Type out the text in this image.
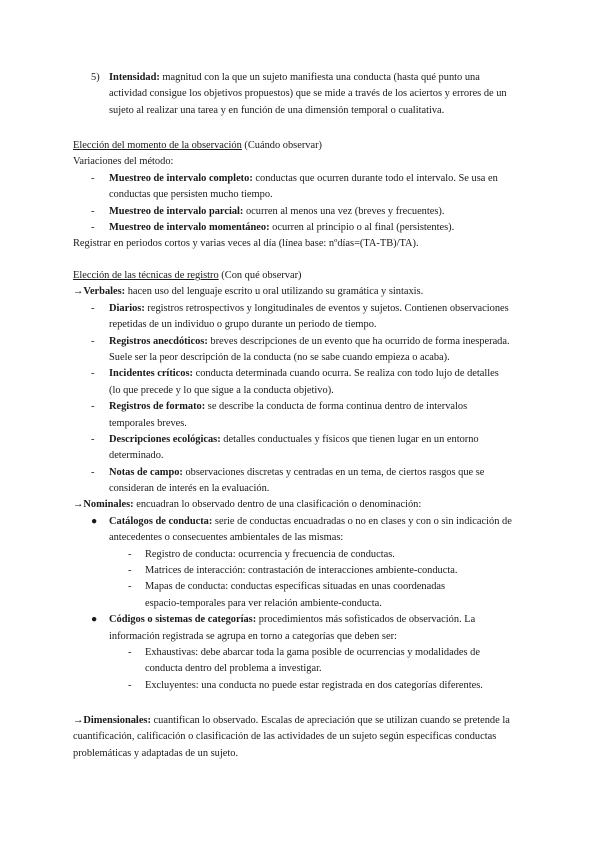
5) Intensidad: magnitud con la que un sujeto manifiesta una conducta (hasta qué punto una
actividad consigue los objetivos propuestos) que se mide a través de los aciertos y errores de un
sujeto al realizar una tarea y en función de una dimensión temporal o cualitativa.
Elección del momento de la observación (Cuándo observar)
Variaciones del método:
- Muestreo de intervalo completo: conductas que ocurren durante todo el intervalo. Se usa en
conductas que persisten mucho tiempo.
- Muestreo de intervalo parcial: ocurren al menos una vez (breves y frecuentes).
- Muestreo de intervalo momentáneo: ocurren al principio o al final (persistentes).
Registrar en periodos cortos y varias veces al día (línea base: nºdías=(TA-TB)/TA).
Elección de las técnicas de registro (Con qué observar)
→Verbales: hacen uso del lenguaje escrito u oral utilizando su gramática y sintaxis.
- Diarios: registros retrospectivos y longitudinales de eventos y sujetos. Contienen observaciones
repetidas de un individuo o grupo durante un periodo de tiempo.
- Registros anecdóticos: breves descripciones de un evento que ha ocurrido de forma inesperada.
Suele ser la peor descripción de la conducta (no se sabe cuando empieza o acaba).
- Incidentes críticos: conducta determinada cuando ocurra. Se realiza con todo lujo de detalles
(lo que precede y lo que sigue a la conducta objetivo).
- Registros de formato: se describe la conducta de forma continua dentro de intervalos
temporales breves.
- Descripciones ecológicas: detalles conductuales y físicos que tienen lugar en un entorno
determinado.
- Notas de campo: observaciones discretas y centradas en un tema, de ciertos rasgos que se
consideran de interés en la evaluación.
→Nominales: encuadran lo observado dentro de una clasificación o denominación:
● Catálogos de conducta: serie de conductas encuadradas o no en clases y con o sin indicación de
antecedentes o consecuentes ambientales de las mismas:
- Registro de conducta: ocurrencia y frecuencia de conductas.
- Matrices de interacción: contrastación de interacciones ambiente-conducta.
- Mapas de conducta: conductas específicas situadas en unas coordenadas
espacio-temporales para ver relación ambiente-conducta.
● Códigos o sistemas de categorías: procedimientos más sofisticados de observación. La
información registrada se agrupa en torno a categorías que deben ser:
- Exhaustivas: debe abarcar toda la gama posible de ocurrencias y modalidades de
conducta dentro del problema a investigar.
- Excluyentes: una conducta no puede estar registrada en dos categorías diferentes.
→Dimensionales: cuantifican lo observado. Escalas de apreciación que se utilizan cuando se pretende la
cuantificación, calificación o clasificación de las actividades de un sujeto según específicas conductas
problemáticas y adaptadas de un sujeto.
